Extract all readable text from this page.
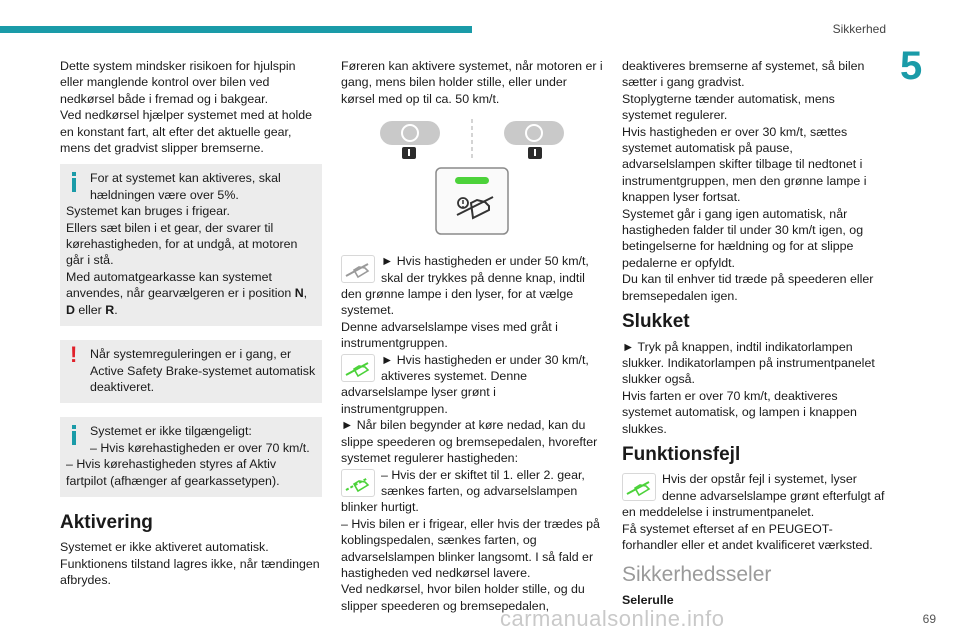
Sikkerhed
5

Dette system mindsker risikoen for hjulspin eller manglende kontrol over bilen ved nedkørsel både i fremad og i bakgear.

Ved nedkørsel hjælper systemet med at holde en konstant fart, alt efter det aktuelle gear, mens det gradvist slipper bremserne.

For at systemet kan aktiveres, skal hældningen være over 5%.

Systemet kan bruges i frigear.

Ellers sæt bilen i et gear, der svarer til kørehastigheden, for at undgå, at motoren går i stå.

Med automatgearkasse kan systemet anvendes, når gearvælgeren er i position N, D eller R.

!	Når systemreguleringen er i gang, er Active Safety Brake-systemet automatisk deaktiveret.

Systemet er ikke tilgængeligt:

– Hvis kørehastigheden er over 70 km/t.

– Hvis kørehastigheden styres af Aktiv fartpilot (afhænger af gearkassetypen).

Aktivering

Systemet er ikke aktiveret automatisk.

Funktionens tilstand lagres ikke, når tændingen afbrydes.

Føreren kan aktivere systemet, når motoren er i gang, mens bilen holder stille, eller under kørsel med op til ca. 50 km/t.

► Hvis hastigheden er under 50 km/t, skal der trykkes på denne knap, indtil den grønne lampe i den lyser, for at vælge systemet.

Denne advarselslampe vises med gråt i instrumentgruppen.

► Hvis hastigheden er under 30 km/t, aktiveres systemet. Denne advarselslampe lyser grønt i instrumentgruppen.

► Når bilen begynder at køre nedad, kan du slippe speederen og bremsepedalen, hvorefter systemet regulerer hastigheden:

– Hvis der er skiftet til 1. eller 2. gear, sænkes farten, og advarselslampen blinker hurtigt.

– Hvis bilen er i frigear, eller hvis der trædes på koblingspedalen, sænkes farten, og advarselslampen blinker langsomt. I så fald er hastigheden ved nedkørsel lavere.

Ved nedkørsel, hvor bilen holder stille, og du slipper speederen og bremsepedalen,

deaktiveres bremserne af systemet, så bilen sætter i gang gradvist.

Stoplygterne tænder automatisk, mens systemet regulerer.

Hvis hastigheden er over 30 km/t, sættes systemet automatisk på pause, advarselslampen skifter tilbage til nedtonet i instrumentgruppen, men den grønne lampe i knappen lyser fortsat.

Systemet går i gang igen automatisk, når hastigheden falder til under 30 km/t igen, og betingelserne for hældning og for at slippe pedalerne er opfyldt.

Du kan til enhver tid træde på speederen eller bremsepedalen igen.

Slukket

► Tryk på knappen, indtil indikatorlampen slukker. Indikatorlampen på instrumentpanelet slukker også.

Hvis farten er over 70 km/t, deaktiveres systemet automatisk, og lampen i knappen slukkes.

Funktionsfejl

Hvis der opstår fejl i systemet, lyser denne advarselslampe grønt efterfulgt af en meddelelse i instrumentpanelet.

Få systemet efterset af en PEUGEOT-forhandler eller et andet kvalificeret værksted.

Sikkerhedsseler
Selerulle
carmanualsonline.info	69
